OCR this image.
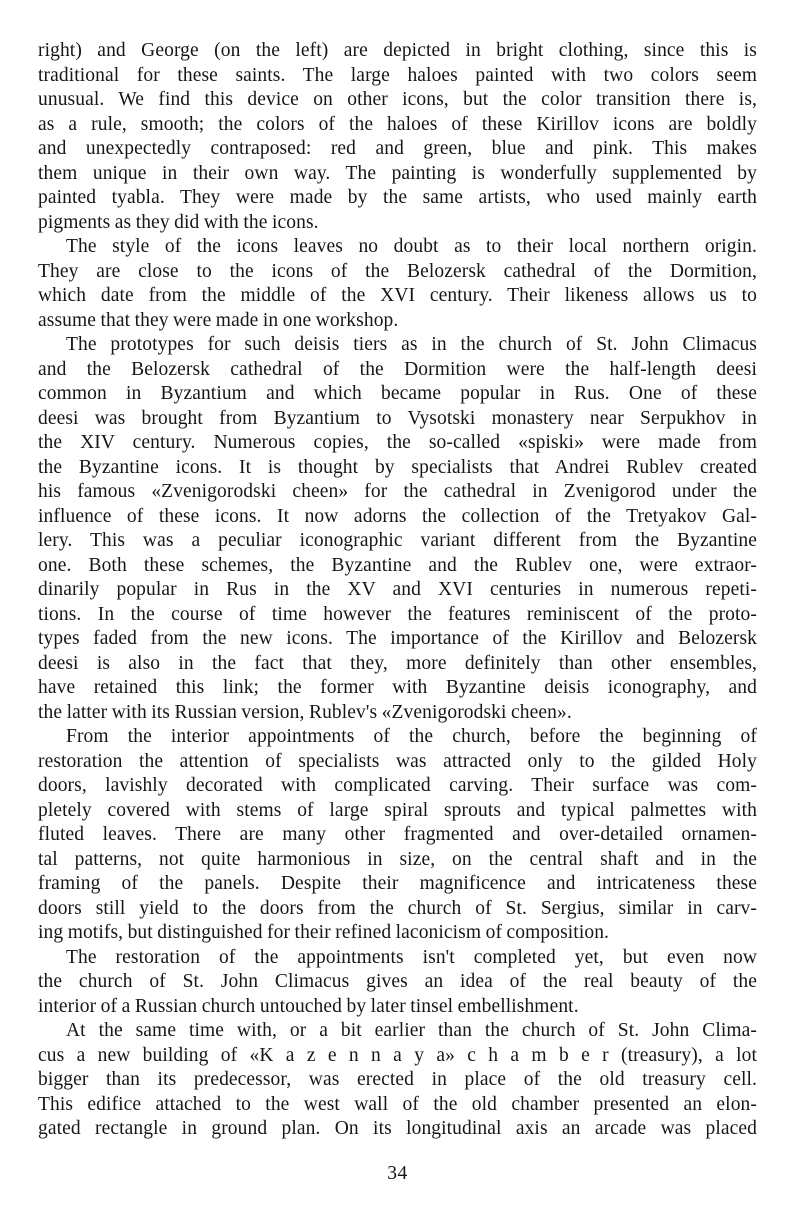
right) and George (on the left) are depicted in bright clothing, since this is
traditional for these saints. The large haloes painted with two colors seem
unusual. We find this device on other icons, but the color transition there is,
as a rule, smooth; the colors of the haloes of these Kirillov icons are boldly
and unexpectedly contraposed: red and green, blue and pink. This makes
them unique in their own way. The painting is wonderfully supplemented by
painted tyabla. They were made by the same artists, who used mainly earth
pigments as they did with the icons.
The style of the icons leaves no doubt as to their local northern origin.
They are close to the icons of the Belozersk cathedral of the Dormition,
which date from the middle of the XVI century. Their likeness allows us to
assume that they were made in one workshop.
The prototypes for such deisis tiers as in the church of St. John Climacus
and the Belozersk cathedral of the Dormition were the half-length deesi
common in Byzantium and which became popular in Rus. One of these
deesi was brought from Byzantium to Vysotski monastery near Serpukhov in
the XIV century. Numerous copies, the so-called «spiski» were made from
the Byzantine icons. It is thought by specialists that Andrei Rublev created
his famous «Zvenigorodski cheen» for the cathedral in Zvenigorod under the
influence of these icons. It now adorns the collection of the Tretyakov Gal-
lery. This was a peculiar iconographic variant different from the Byzantine
one. Both these schemes, the Byzantine and the Rublev one, were extraor-
dinarily popular in Rus in the XV and XVI centuries in numerous repeti-
tions. In the course of time however the features reminiscent of the proto-
types faded from the new icons. The importance of the Kirillov and Belozersk
deesi is also in the fact that they, more definitely than other ensembles,
have retained this link; the former with Byzantine deisis iconography, and
the latter with its Russian version, Rublev's «Zvenigorodski cheen».
From the interior appointments of the church, before the beginning of
restoration the attention of specialists was attracted only to the gilded Holy
doors, lavishly decorated with complicated carving. Their surface was com-
pletely covered with stems of large spiral sprouts and typical palmettes with
fluted leaves. There are many other fragmented and over-detailed ornamen-
tal patterns, not quite harmonious in size, on the central shaft and in the
framing of the panels. Despite their magnificence and intricateness these
doors still yield to the doors from the church of St. Sergius, similar in carv-
ing motifs, but distinguished for their refined laconicism of composition.
The restoration of the appointments isn't completed yet, but even now
the church of St. John Climacus gives an idea of the real beauty of the
interior of a Russian church untouched by later tinsel embellishment.
At the same time with, or a bit earlier than the church of St. John Clima-
cus a new building of «K a z e n n a y a» c h a m b e r (treasury), a lot
bigger than its predecessor, was erected in place of the old treasury cell.
This edifice attached to the west wall of the old chamber presented an elon-
gated rectangle in ground plan. On its longitudinal axis an arcade was placed
34
